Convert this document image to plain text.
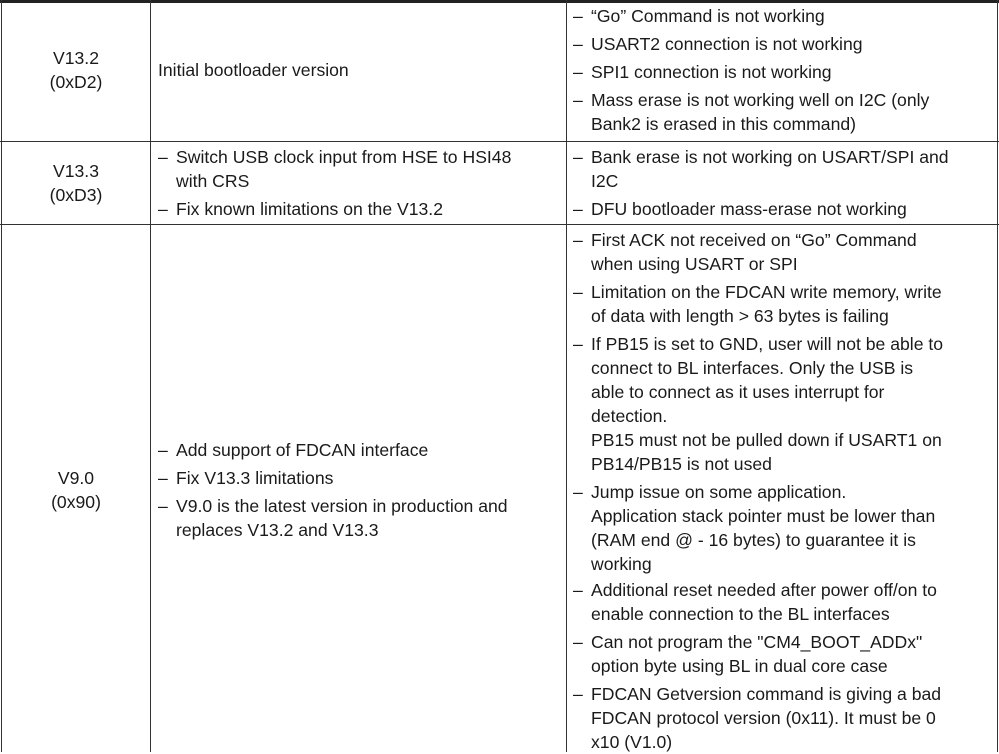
V13.2
(0xD2)
Initial bootloader version
– “Go” Command is not working
– USART2 connection is not working
– SPI1 connection is not working
– Mass erase is not working well on I2C (only
Bank2 is erased in this command)
V13.3
(0xD3)
– Switch USB clock input from HSE to HSI48
with CRS
– Fix known limitations on the V13.2
– Bank erase is not working on USART/SPI and
I2C
– DFU bootloader mass-erase not working
V9.0
(0x90)
– Add support of FDCAN interface
– Fix V13.3 limitations
– V9.0 is the latest version in production and
replaces V13.2 and V13.3
– First ACK not received on “Go” Command
when using USART or SPI
– Limitation on the FDCAN write memory, write
of data with length > 63 bytes is failing
– If PB15 is set to GND, user will not be able to
connect to BL interfaces. Only the USB is
able to connect as it uses interrupt for
detection.
PB15 must not be pulled down if USART1 on
PB14/PB15 is not used
– Jump issue on some application.
Application stack pointer must be lower than
(RAM end @ - 16 bytes) to guarantee it is
working
– Additional reset needed after power off/on to
enable connection to the BL interfaces
– Can not program the "CM4_BOOT_ADDx"
option byte using BL in dual core case
– FDCAN Getversion command is giving a bad
FDCAN protocol version (0x11). It must be 0
x10 (V1.0)
